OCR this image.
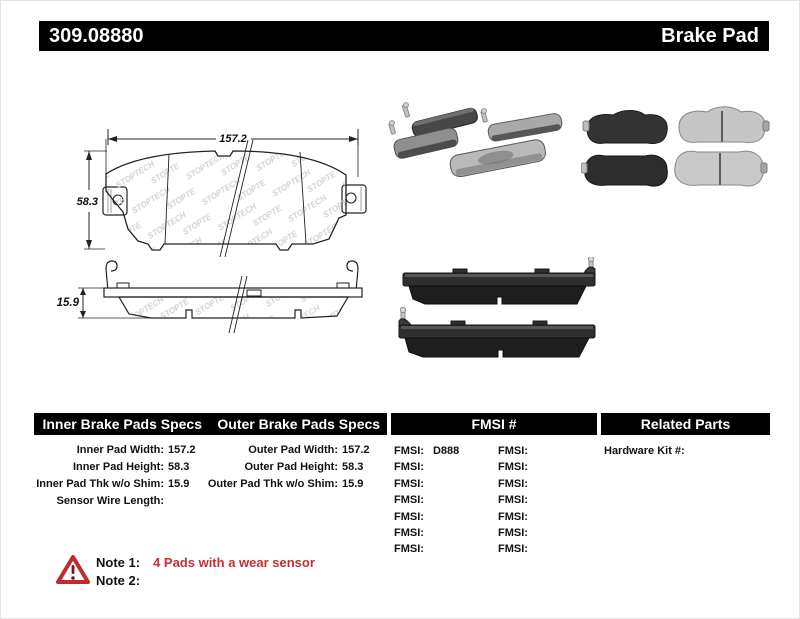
309.08880	Brake Pad
157.2
58.3
15.9
Inner Brake Pads Specs	Outer Brake Pads Specs	FMSI #	Related Parts
Inner Pad Width: 157.2
Inner Pad Height: 58.3
Inner Pad Thk w/o Shim: 15.9
Sensor Wire Length:
Outer Pad Width: 157.2
Outer Pad Height: 58.3
Outer Pad Thk w/o Shim: 15.9
FMSI: D888
FMSI:
FMSI:
FMSI:
FMSI:
FMSI:
FMSI:
FMSI:
FMSI:
FMSI:
FMSI:
FMSI:
FMSI:
FMSI:
Hardware Kit #:
Note 1: 4 Pads with a wear sensor
Note 2:
